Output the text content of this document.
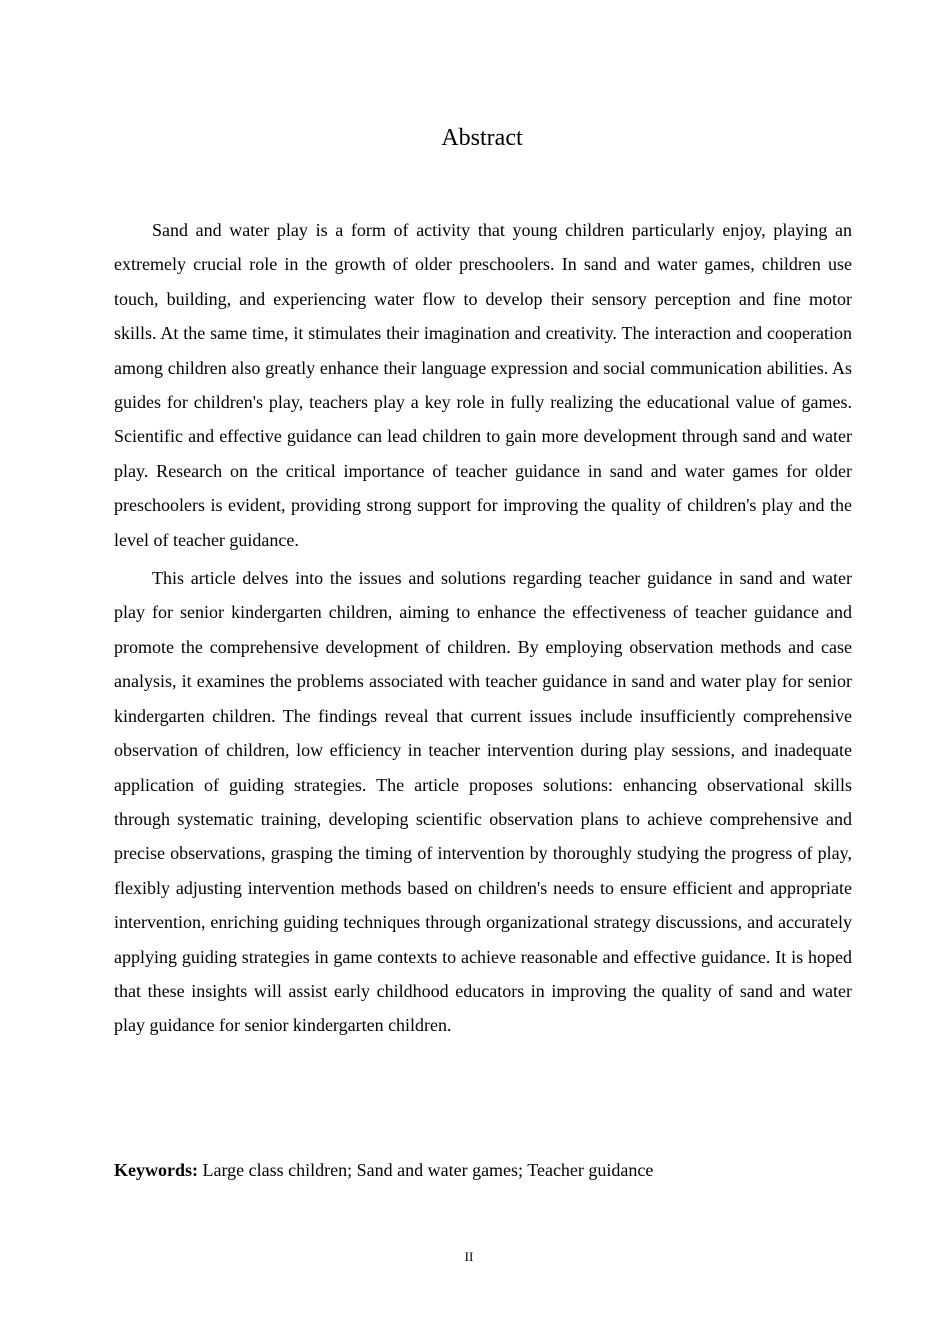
Abstract

Sand and water play is a form of activity that young children particularly enjoy, playing an extremely crucial role in the growth of older preschoolers. In sand and water games, children use touch, building, and experiencing water flow to develop their sensory perception and fine motor skills. At the same time, it stimulates their imagination and creativity. The interaction and cooperation among children also greatly enhance their language expression and social communication abilities. As guides for children's play, teachers play a key role in fully realizing the educational value of games. Scientific and effective guidance can lead children to gain more development through sand and water play. Research on the critical importance of teacher guidance in sand and water games for older preschoolers is evident, providing strong support for improving the quality of children's play and the level of teacher guidance.

This article delves into the issues and solutions regarding teacher guidance in sand and water play for senior kindergarten children, aiming to enhance the effectiveness of teacher guidance and promote the comprehensive development of children. By employing observation methods and case analysis, it examines the problems associated with teacher guidance in sand and water play for senior kindergarten children. The findings reveal that current issues include insufficiently comprehensive observation of children, low efficiency in teacher intervention during play sessions, and inadequate application of guiding strategies. The article proposes solutions: enhancing observational skills through systematic training, developing scientific observation plans to achieve comprehensive and precise observations, grasping the timing of intervention by thoroughly studying the progress of play, flexibly adjusting intervention methods based on children's needs to ensure efficient and appropriate intervention, enriching guiding techniques through organizational strategy discussions, and accurately applying guiding strategies in game contexts to achieve reasonable and effective guidance. It is hoped that these insights will assist early childhood educators in improving the quality of sand and water play guidance for senior kindergarten children.

Keywords: Large class children; Sand and water games; Teacher guidance

II
